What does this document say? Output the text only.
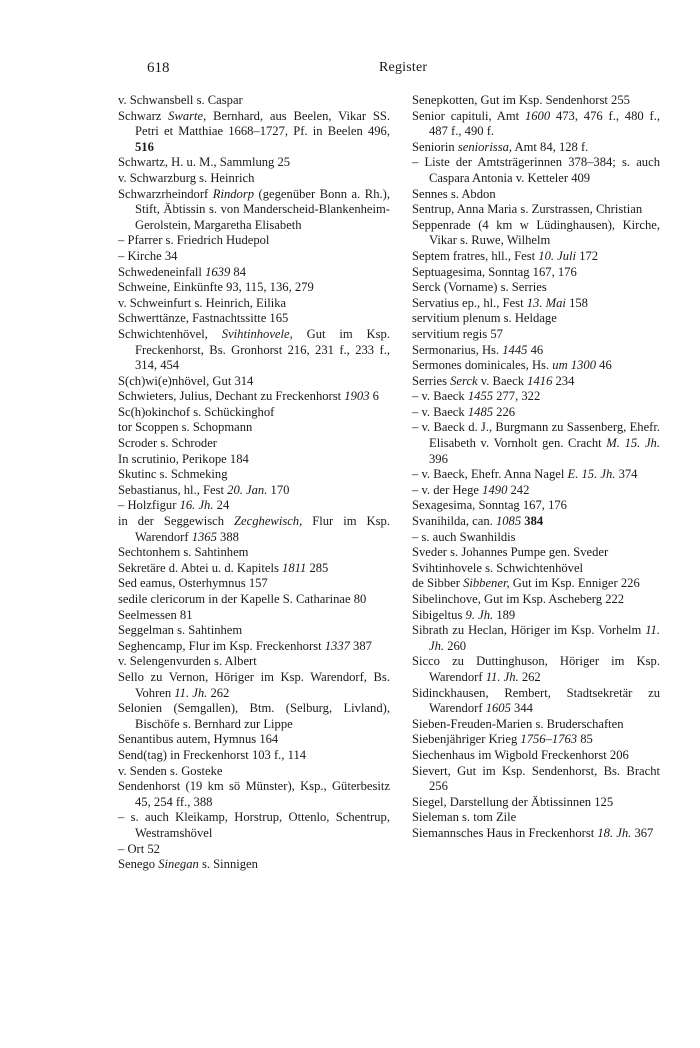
618	Register
v. Schwansbell s. Caspar
Schwarz Swarte, Bernhard, aus Beelen, Vikar SS. Petri et Matthiae 1668–1727, Pf. in Beelen 496, 516
Schwartz, H. u. M., Sammlung 25
v. Schwarzburg s. Heinrich
Schwarzrheindorf Rindorp (gegenüber Bonn a. Rh.), Stift, Äbtissin s. von Manderscheid-Blankenheim-Gerolstein, Margaretha Elisabeth
– Pfarrer s. Friedrich Hudepol
– Kirche 34
Schwedeneinfall 1639 84
Schweine, Einkünfte 93, 115, 136, 279
v. Schweinfurt s. Heinrich, Eilika
Schwerttänze, Fastnachtssitte 165
Schwichtenhövel, Svihtinhovele, Gut im Ksp. Freckenhorst, Bs. Gronhorst 216, 231 f., 233 f., 314, 454
S(ch)wi(e)nhövel, Gut 314
Schwieters, Julius, Dechant zu Freckenhorst 1903 6
Sc(h)okinchof s. Schückinghof
tor Scoppen s. Schopmann
Scroder s. Schroder
In scrutinio, Perikope 184
Skutinc s. Schmeking
Sebastianus, hl., Fest 20. Jan. 170
– Holzfigur 16. Jh. 24
in der Seggewisch Zecghewisch, Flur im Ksp. Warendorf 1365 388
Sechtonhem s. Sahtinhem
Sekretäre d. Abtei u. d. Kapitels 1811 285
Sed eamus, Osterhymnus 157
sedile clericorum in der Kapelle S. Catharinae 80
Seelmessen 81
Seggelman s. Sahtinhem
Seghencamp, Flur im Ksp. Freckenhorst 1337 387
v. Selengenvurden s. Albert
Sello zu Vernon, Höriger im Ksp. Warendorf, Bs. Vohren 11. Jh. 262
Selonien (Semgallen), Btm. (Selburg, Livland), Bischöfe s. Bernhard zur Lippe
Senantibus autem, Hymnus 164
Send(tag) in Freckenhorst 103 f., 114
v. Senden s. Gosteke
Sendenhorst (19 km sö Münster), Ksp., Güterbesitz 45, 254 ff., 388
– s. auch Kleikamp, Horstrup, Ottenlo, Schentrup, Westramshövel
– Ort 52
Senego Sinegan s. Sinnigen
Senepkotten, Gut im Ksp. Sendenhorst 255
Senior capituli, Amt 1600 473, 476 f., 480 f., 487 f., 490 f.
Seniorin seniorissa, Amt 84, 128 f.
– Liste der Amtsträgerinnen 378–384; s. auch Caspara Antonia v. Ketteler 409
Sennes s. Abdon
Sentrup, Anna Maria s. Zurstrassen, Christian
Seppenrade (4 km w Lüdinghausen), Kirche, Vikar s. Ruwe, Wilhelm
Septem fratres, hll., Fest 10. Juli 172
Septuagesima, Sonntag 167, 176
Serck (Vorname) s. Serries
Servatius ep., hl., Fest 13. Mai 158
servitium plenum s. Heldage
servitium regis 57
Sermonarius, Hs. 1445 46
Sermones dominicales, Hs. um 1300 46
Serries Serck v. Baeck 1416 234
– v. Baeck 1455 277, 322
– v. Baeck 1485 226
– v. Baeck d. J., Burgmann zu Sassenberg, Ehefr. Elisabeth v. Vornholt gen. Cracht M. 15. Jh. 396
– v. Baeck, Ehefr. Anna Nagel E. 15. Jh. 374
– v. der Hege 1490 242
Sexagesima, Sonntag 167, 176
Svanihilda, can. 1085 384
– s. auch Swanhildis
Sveder s. Johannes Pumpe gen. Sveder
Svihtinhovele s. Schwichtenhövel
de Sibber Sibbener, Gut im Ksp. Enniger 226
Sibelinchove, Gut im Ksp. Ascheberg 222
Sibigeltus 9. Jh. 189
Sibrath zu Heclan, Höriger im Ksp. Vorhelm 11. Jh. 260
Sicco zu Duttinghuson, Höriger im Ksp. Warendorf 11. Jh. 262
Sidinckhausen, Rembert, Stadtsekretär zu Warendorf 1605 344
Sieben-Freuden-Marien s. Bruderschaften
Siebenjähriger Krieg 1756–1763 85
Siechenhaus im Wigbold Freckenhorst 206
Sievert, Gut im Ksp. Sendenhorst, Bs. Bracht 256
Siegel, Darstellung der Äbtissinnen 125
Sieleman s. tom Zile
Siemannsches Haus in Freckenhorst 18. Jh. 367
